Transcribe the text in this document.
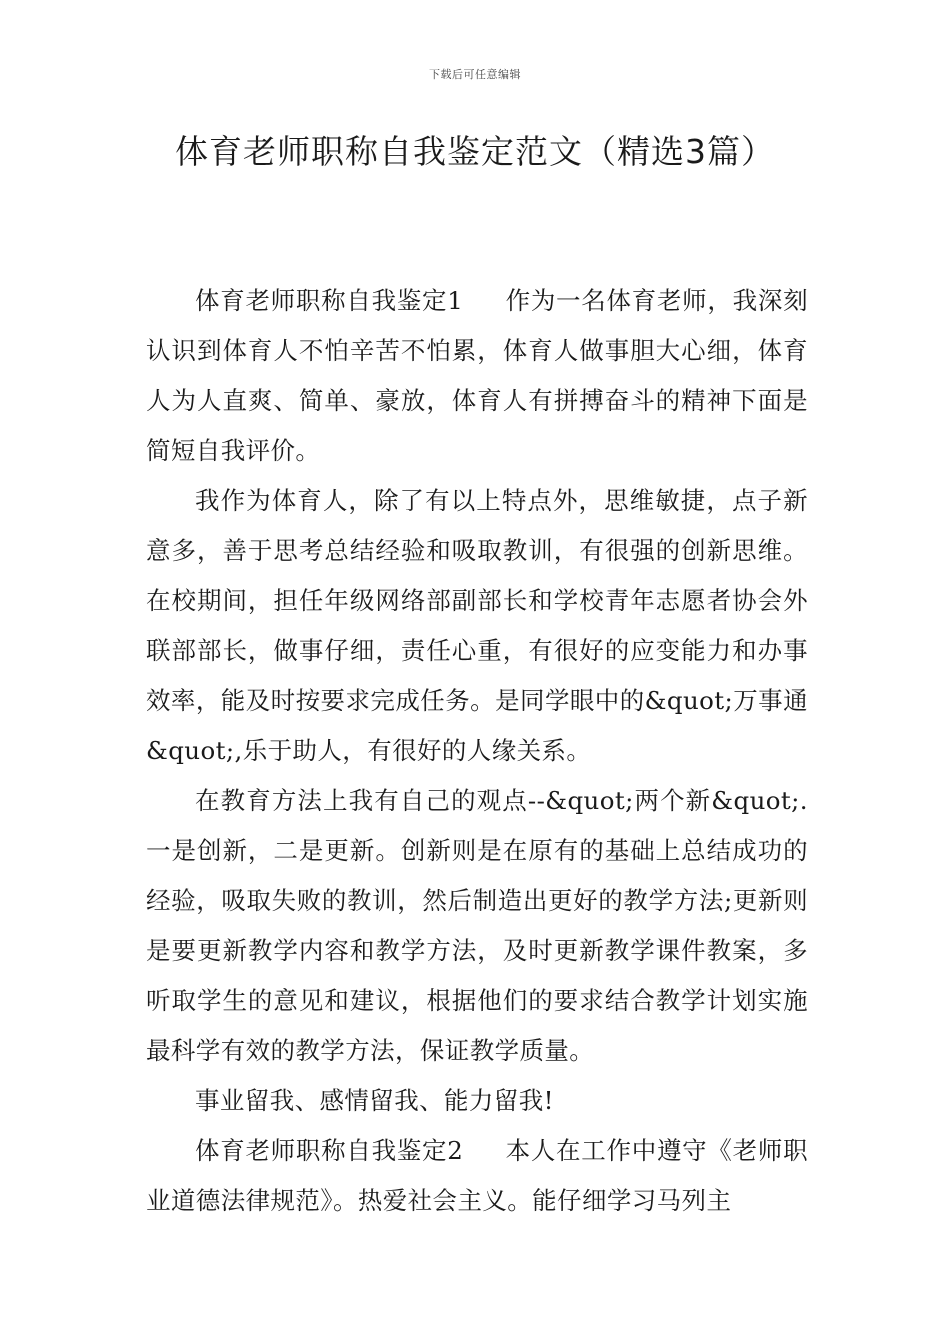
下载后可任意编辑
体育老师职称自我鉴定范文（精选3篇）

体育老师职称自我鉴定1 作为一名体育老师，我深刻认识到体育人不怕辛苦不怕累，体育人做事胆大心细，体育人为人直爽、简单、豪放，体育人有拼搏奋斗的精神下面是简短自我评价。

我作为体育人，除了有以上特点外，思维敏捷，点子新意多，善于思考总结经验和吸取教训，有很强的创新思维。在校期间，担任年级网络部副部长和学校青年志愿者协会外联部部长，做事仔细，责任心重，有很好的应变能力和办事效率，能及时按要求完成任务。是同学眼中的&quot;万事通&quot;,乐于助人，有很好的人缘关系。

在教育方法上我有自己的观点--&quot;两个新&quot;.一是创新，二是更新。创新则是在原有的基础上总结成功的经验，吸取失败的教训，然后制造出更好的教学方法;更新则是要更新教学内容和教学方法，及时更新教学课件教案，多听取学生的意见和建议，根据他们的要求结合教学计划实施最科学有效的教学方法，保证教学质量。

事业留我、感情留我、能力留我!

体育老师职称自我鉴定2 本人在工作中遵守《老师职业道德法律规范》。热爱社会主义。能仔细学习马列主
